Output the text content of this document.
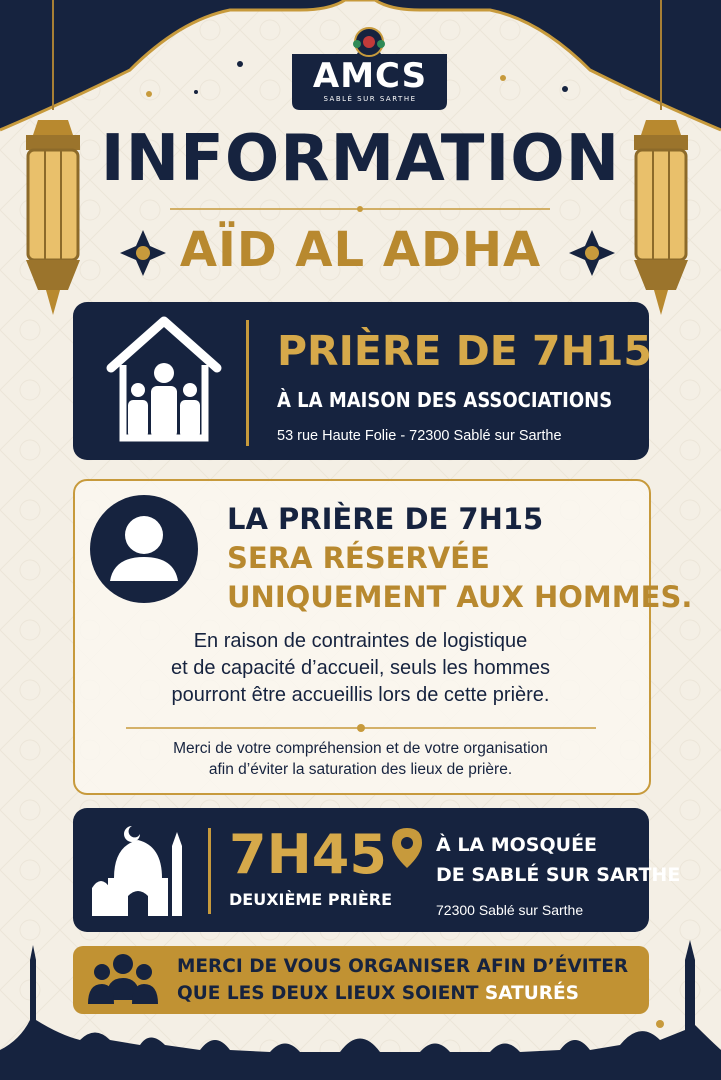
AMCS
SABLÉ SUR SARTHE
INFORMATION
AÏD AL ADHA
PRIÈRE DE 7H15
À LA MAISON DES ASSOCIATIONS
53 rue Haute Folie - 72300 Sablé sur Sarthe
LA PRIÈRE DE 7H15
SERA RÉSERVÉE
UNIQUEMENT AUX HOMMES.
En raison de contraintes de logistique
et de capacité d’accueil, seuls les hommes
pourront être accueillis lors de cette prière.
Merci de votre compréhension et de votre organisation
afin d’éviter la saturation des lieux de prière.
7H45
DEUXIÈME PRIÈRE
À LA MOSQUÉE
DE SABLÉ SUR SARTHE
72300 Sablé sur Sarthe
MERCI DE VOUS ORGANISER AFIN D’ÉVITER
QUE LES DEUX LIEUX SOIENT SATURÉS
